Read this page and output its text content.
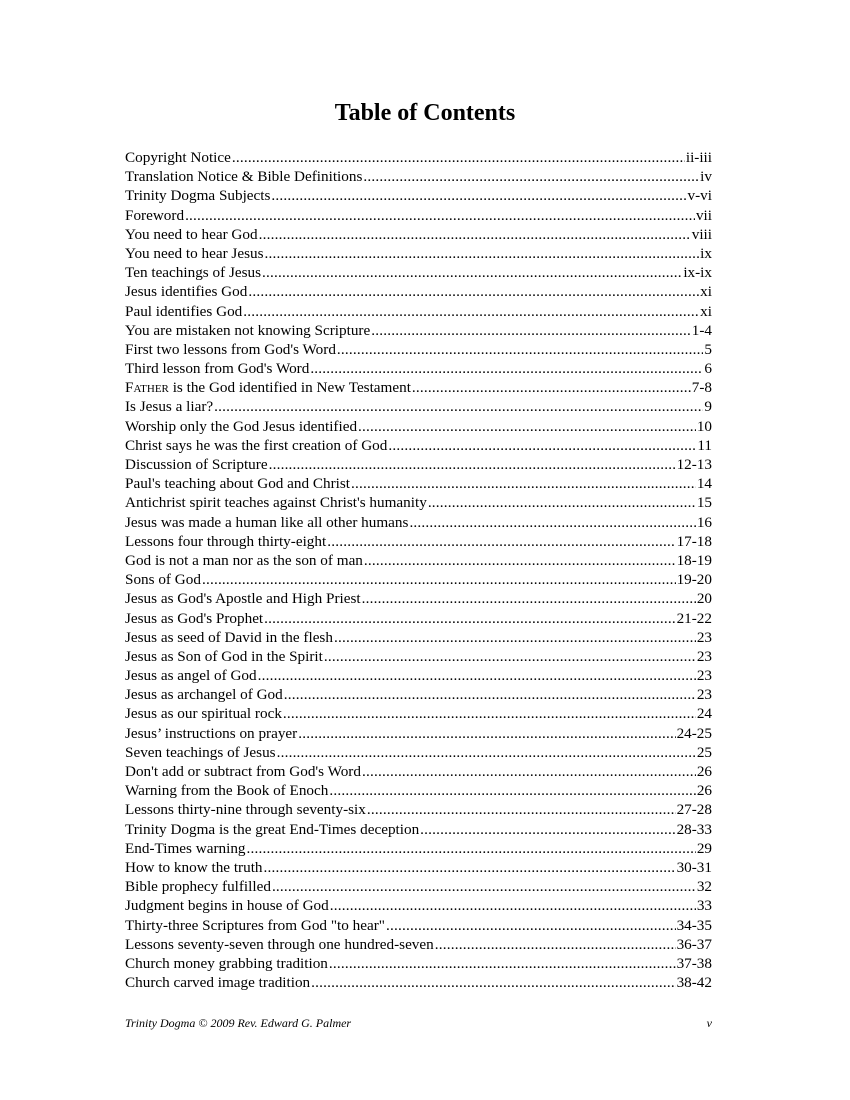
Table of Contents
Copyright Notice .....	ii-iii
Translation Notice & Bible Definitions .....	iv
Trinity Dogma Subjects .....	v-vi
Foreword .....	vii
You need to hear God .....	viii
You need to hear Jesus .....	ix
Ten teachings of Jesus .....	ix-ix
Jesus identifies God .....	xi
Paul identifies God .....	xi
You are mistaken not knowing Scripture .....	1-4
First two lessons from God's Word .....	5
Third lesson from God's Word .....	6
Father is the God identified in New Testament .....	7-8
Is Jesus a liar? .....	9
Worship only the God Jesus identified .....	10
Christ says he was the first creation of God .....	11
Discussion of Scripture .....	12-13
Paul's teaching about God and Christ .....	14
Antichrist spirit teaches against Christ's humanity .....	15
Jesus was made a human like all other humans .....	16
Lessons four through thirty-eight .....	17-18
God is not a man nor as the son of man .....	18-19
Sons of God .....	19-20
Jesus as God's Apostle and High Priest .....	20
Jesus as God's Prophet .....	21-22
Jesus as seed of David in the flesh .....	23
Jesus as Son of God in the Spirit .....	23
Jesus as angel of God .....	23
Jesus as archangel of God .....	23
Jesus as our spiritual rock .....	24
Jesus’ instructions on prayer .....	24-25
Seven teachings of Jesus .....	25
Don't add or subtract from God's Word .....	26
Warning from the Book of Enoch .....	26
Lessons thirty-nine through seventy-six .....	27-28
Trinity Dogma is the great End-Times deception .....	28-33
End-Times warning .....	29
How to know the truth .....	30-31
Bible prophecy fulfilled .....	32
Judgment begins in house of God .....	33
Thirty-three Scriptures from God "to hear" .....	34-35
Lessons seventy-seven through one hundred-seven .....	36-37
Church money grabbing tradition .....	37-38
Church carved image tradition .....	38-42
Trinity Dogma © 2009 Rev. Edward G. Palmer	v
